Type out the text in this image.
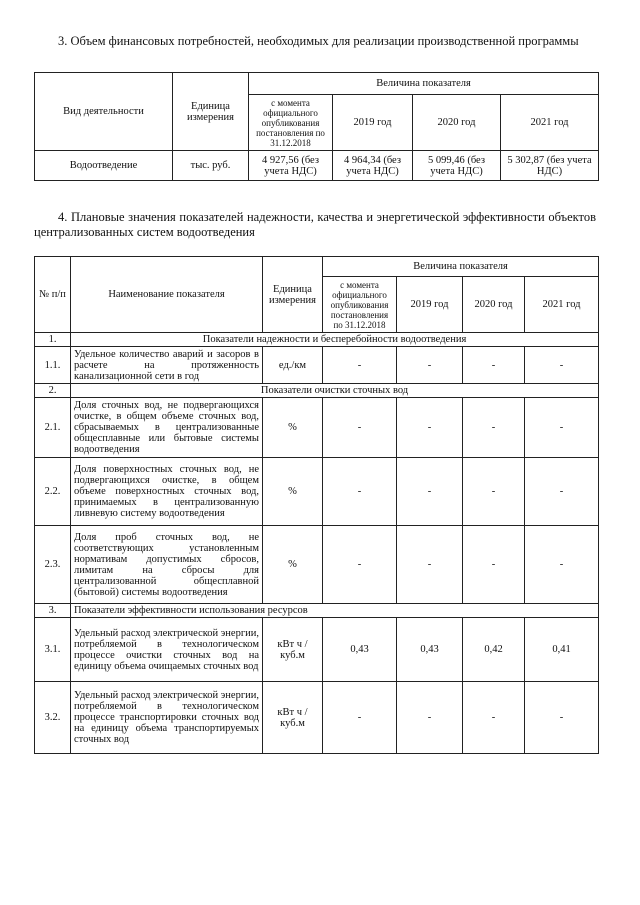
3. Объем финансовых потребностей, необходимых для реализации производственной программы
Вид деятельности	Единица измерения	Величина показателя			
		с момента официального опубликования постановления по 31.12.2018	2019 год	2020 год	2021 год
Водоотведение	тыс. руб.	4 927,56 (без учета НДС)	4 964,34 (без учета НДС)	5 099,46 (без учета НДС)	5 302,87 (без учета НДС)
4. Плановые значения показателей надежности, качества и энергетической эффективности объектов централизованных систем водоотведения
№ п/п	Наименование показателя	Единица измерения	Величина показателя			
			с момента официального опубликования постановления по 31.12.2018	2019 год	2020 год	2021 год
1.	Показатели надежности и бесперебойности водоотведения					
1.1.	Удельное количество аварий и засоров в расчете на протяженность канализационной сети в год	ед./км	-	-	-	-
2.	Показатели очистки сточных вод					
2.1.	Доля сточных вод, не подвергающихся очистке, в общем объеме сточных вод, сбрасываемых в централизованные общесплавные или бытовые системы водоотведения	%	-	-	-	-
2.2.	Доля поверхностных сточных вод, не подвергающихся очистке, в общем объеме поверхностных сточных вод, принимаемых в централизованную ливневую систему водоотведения	%	-	-	-	-
2.3.	Доля проб сточных вод, не соответствующих установленным нормативам допустимых сбросов, лимитам на сбросы для централизованной общесплавной (бытовой) системы водоотведения	%	-	-	-	-
3.	Показатели эффективности использования ресурсов					
3.1.	Удельный расход электрической энергии, потребляемой в технологическом процессе очистки сточных вод на единицу объема очищаемых сточных вод	кВт ч /куб.м	0,43	0,43	0,42	0,41
3.2.	Удельный расход электрической энергии, потребляемой в технологическом процессе транспортировки сточных вод на единицу объема транспортируемых сточных вод	кВт ч /куб.м	-	-	-	-
